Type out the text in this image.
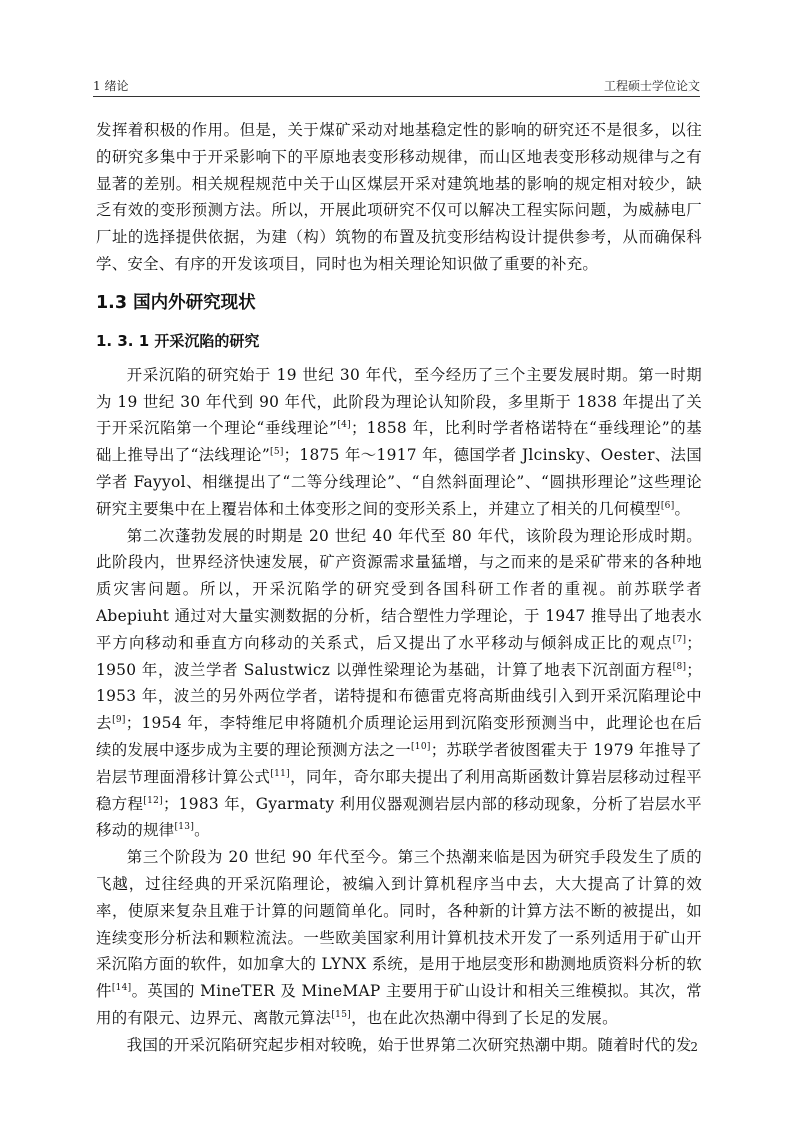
1 绪论	工程硕士学位论文

发挥着积极的作用。但是，关于煤矿采动对地基稳定性的影响的研究还不是很多，以往的研究多集中于开采影响下的平原地表变形移动规律，而山区地表变形移动规律与之有显著的差别。相关规程规范中关于山区煤层开采对建筑地基的影响的规定相对较少，缺乏有效的变形预测方法。所以，开展此项研究不仅可以解决工程实际问题，为威赫电厂厂址的选择提供依据，为建（构）筑物的布置及抗变形结构设计提供参考，从而确保科学、安全、有序的开发该项目，同时也为相关理论知识做了重要的补充。

1.3 国内外研究现状
1. 3. 1 开采沉陷的研究

开采沉陷的研究始于 19 世纪 30 年代，至今经历了三个主要发展时期。第一时期为 19 世纪 30 年代到 90 年代，此阶段为理论认知阶段，多里斯于 1838 年提出了关于开采沉陷第一个理论“垂线理论”[4]；1858 年，比利时学者格诺特在“垂线理论”的基础上推导出了“法线理论”[5]；1875 年～1917 年，德国学者 Jlcinsky、Oester、法国学者 Fayyol、相继提出了“二等分线理论”、“自然斜面理论”、“圆拱形理论”这些理论研究主要集中在上覆岩体和土体变形之间的变形关系上，并建立了相关的几何模型[6]。

第二次蓬勃发展的时期是 20 世纪 40 年代至 80 年代，该阶段为理论形成时期。此阶段内，世界经济快速发展，矿产资源需求量猛增，与之而来的是采矿带来的各种地质灾害问题。所以，开采沉陷学的研究受到各国科研工作者的重视。前苏联学者 Abepiuht 通过对大量实测数据的分析，结合塑性力学理论，于 1947 推导出了地表水平方向移动和垂直方向移动的关系式，后又提出了水平移动与倾斜成正比的观点[7]；1950 年，波兰学者 Salustwicz 以弹性梁理论为基础，计算了地表下沉剖面方程[8]；1953 年，波兰的另外两位学者，诺特提和布德雷克将高斯曲线引入到开采沉陷理论中去[9]；1954 年，李特维尼申将随机介质理论运用到沉陷变形预测当中，此理论也在后续的发展中逐步成为主要的理论预测方法之一[10]；苏联学者彼图霍夫于 1979 年推导了岩层节理面滑移计算公式[11]，同年，奇尔耶夫提出了利用高斯函数计算岩层移动过程平稳方程[12]；1983 年，Gyarmaty 利用仪器观测岩层内部的移动现象，分析了岩层水平移动的规律[13]。

第三个阶段为 20 世纪 90 年代至今。第三个热潮来临是因为研究手段发生了质的飞越，过往经典的开采沉陷理论，被编入到计算机程序当中去，大大提高了计算的效率，使原来复杂且难于计算的问题简单化。同时，各种新的计算方法不断的被提出，如连续变形分析法和颗粒流法。一些欧美国家利用计算机技术开发了一系列适用于矿山开采沉陷方面的软件，如加拿大的 LYNX 系统，是用于地层变形和勘测地质资料分析的软件[14]。英国的 MineTER 及 MineMAP 主要用于矿山设计和相关三维模拟。其次，常用的有限元、边界元、离散元算法[15]，也在此次热潮中得到了长足的发展。

我国的开采沉陷研究起步相对较晚，始于世界第二次研究热潮中期。随着时代的发

2
